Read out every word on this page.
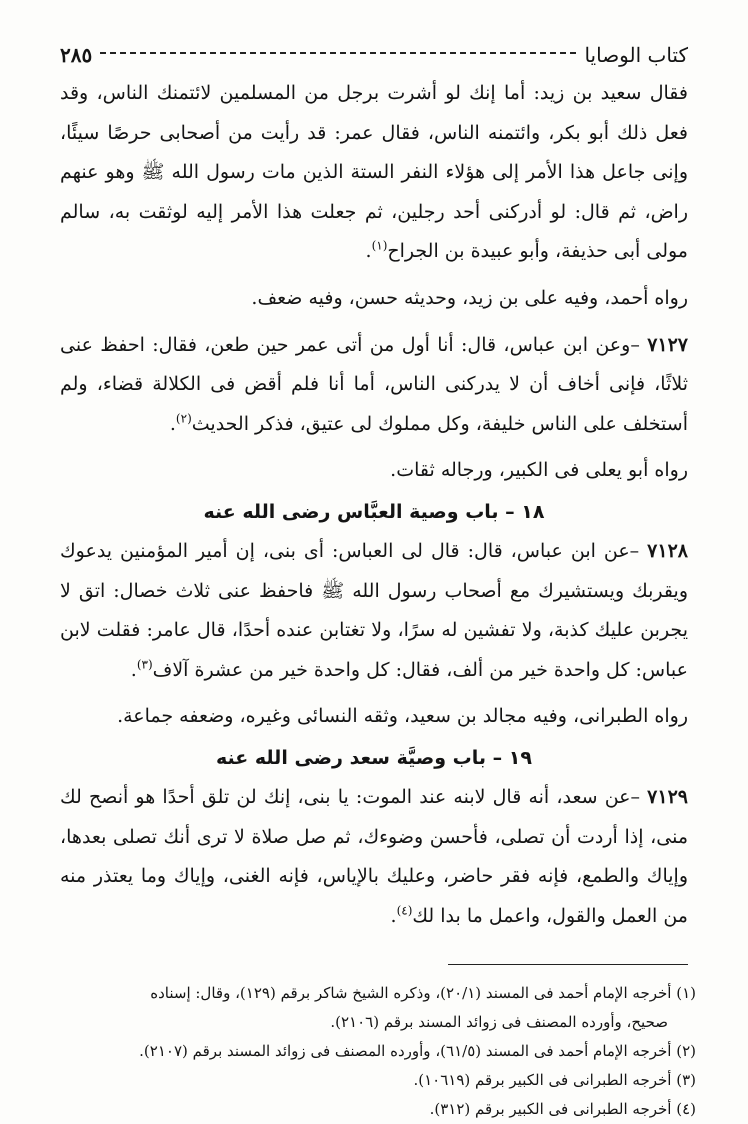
كتاب الوصايا
٢٨٥

فقال سعيد بن زيد: أما إنك لو أشرت برجل من المسلمين لائتمنك الناس، وقد فعل ذلك أبو بكر، وائتمنه الناس، فقال عمر: قد رأيت من أصحابى حرصًا سيئًا، وإنى جاعل هذا الأمر إلى هؤلاء النفر الستة الذين مات رسول الله ﷺ وهو عنهم راض، ثم قال: لو أدركنى أحد رجلين، ثم جعلت هذا الأمر إليه لوثقت به، سالم مولى أبى حذيفة، وأبو عبيدة بن الجراح$^{(١)}$.

رواه أحمد، وفيه على بن زيد، وحديثه حسن، وفيه ضعف.

٧١٢٧ –وعن ابن عباس، قال: أنا أول من أتى عمر حين طعن، فقال: احفظ عنى ثلاثًا، فإنى أخاف أن لا يدركنى الناس، أما أنا فلم أقض فى الكلالة قضاء، ولم أستخلف على الناس خليفة، وكل مملوك لى عتيق، فذكر الحديث$^{(٢)}$.

رواه أبو يعلى فى الكبير، ورجاله ثقات.

١٨ – باب وصية العبَّاس رضى الله عنه

٧١٢٨ –عن ابن عباس، قال: قال لى العباس: أى بنى، إن أمير المؤمنين يدعوك ويقربك ويستشيرك مع أصحاب رسول الله ﷺ فاحفظ عنى ثلاث خصال: اتق لا يجربن عليك كذبة، ولا تفشين له سرًا، ولا تغتابن عنده أحدًا، قال عامر: فقلت لابن عباس: كل واحدة خير من ألف، فقال: كل واحدة خير من عشرة آلاف$^{(٣)}$.

رواه الطبرانى، وفيه مجالد بن سعيد، وثقه النسائى وغيره، وضعفه جماعة.

١٩ – باب وصيَّة سعد رضى الله عنه

٧١٢٩ –عن سعد، أنه قال لابنه عند الموت: يا بنى، إنك لن تلق أحدًا هو أنصح لك منى، إذا أردت أن تصلى، فأحسن وضوءك، ثم صل صلاة لا ترى أنك تصلى بعدها، وإياك والطمع، فإنه فقر حاضر، وعليك بالإياس، فإنه الغنى، وإياك وما يعتذر منه من العمل والقول، واعمل ما بدا لك$^{(٤)}$.

(١) أخرجه الإمام أحمد فى المسند (٢٠/١)، وذكره الشيخ شاكر برقم (١٢٩)، وقال: إسناده
صحيح، وأورده المصنف فى زوائد المسند برقم (٢١٠٦).

(٢) أخرجه الإمام أحمد فى المسند (٦١/٥)، وأورده المصنف فى زوائد المسند برقم (٢١٠٧).

(٣) أخرجه الطبرانى فى الكبير برقم (١٠٦١٩).

(٤) أخرجه الطبرانى فى الكبير برقم (٣١٢).
